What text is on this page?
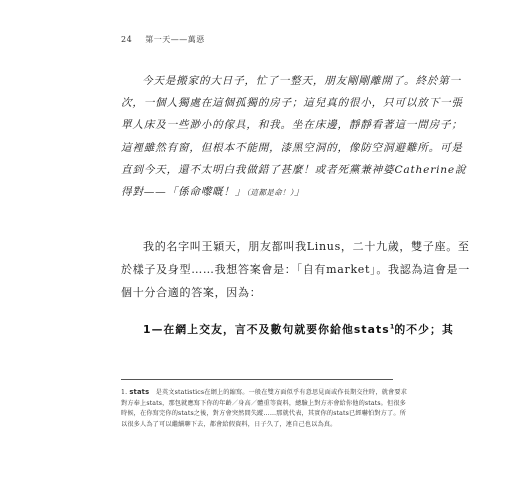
24 第一天——萬惡
今天是搬家的大日子，忙了一整天，朋友剛剛離開了。終於第一
次，一個人獨處在這個孤獨的房子；這兒真的很小，只可以放下一張
單人床及一些渺小的傢具，和我。坐在床邊，靜靜看著這一間房子；
這裡雖然有窗，但根本不能開，漆黑空洞的，像防空洞避難所。可是
直到今天，還不太明白我做錯了甚麼！或者死黨兼神婆Catherine說
得對——「係命嚟嘅！」（這都是命！）」
我的名字叫王穎天，朋友都叫我Linus，二十九歲，雙子座。至
於樣子及身型……我想答案會是：「自有market」。我認為這會是一
個十分合適的答案，因為：
1—在網上交友，言不及數句就要你給他stats$^1$的不少；其
1. stats　 是英文statistics在網上的縮寫。一般在雙方面似乎有意思見面或作長期交往時，就會要求
對方奉上stats，那包就應寫下你的年齡／身高／體重等資料，總驗上對方亦會給你他的stats。但很多
時候，在你寫完你的stats之後，對方會突然間失蹤……那就代表，其實你的stats已經嚇怕對方了。所
以很多人為了可以繼續聊下去，都會給假資料，日子久了，連自己也以為真。
